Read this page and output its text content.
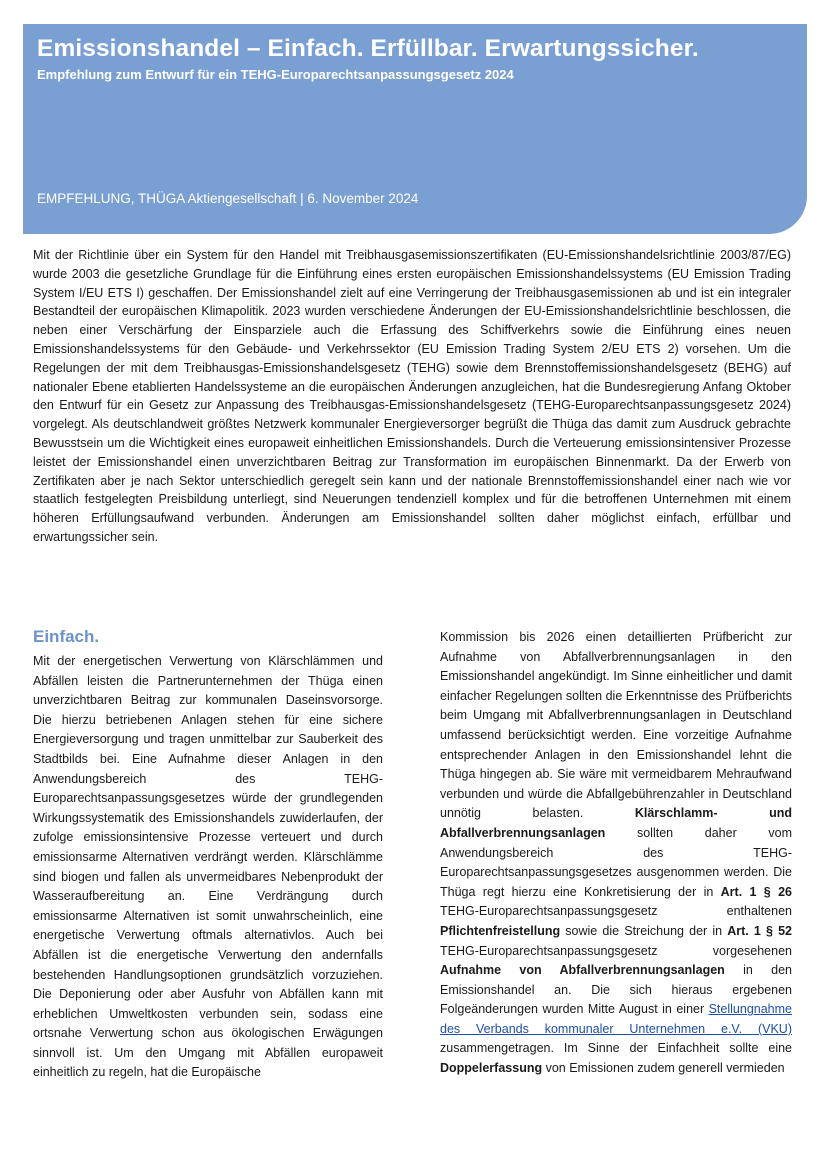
Emissionshandel – Einfach. Erfüllbar. Erwartungssicher.
Empfehlung zum Entwurf für ein TEHG-Europarechtsanpassungsgesetz 2024
EMPFEHLUNG, THÜGA Aktiengesellschaft | 6. November 2024

Mit der Richtlinie über ein System für den Handel mit Treibhausgasemissionszertifikaten (EU-Emissionshandelsrichtlinie 2003/87/EG) wurde 2003 die gesetzliche Grundlage für die Einführung eines ersten europäischen Emissionshandelssystems (EU Emission Trading System I/EU ETS I) geschaffen. Der Emissionshandel zielt auf eine Verringerung der Treibhausgasemissionen ab und ist ein integraler Bestandteil der europäischen Klimapolitik. 2023 wurden verschiedene Änderungen der EU-Emissionshandelsrichtlinie beschlossen, die neben einer Verschärfung der Einsparziele auch die Erfassung des Schiffverkehrs sowie die Einführung eines neuen Emissionshandelssystems für den Gebäude- und Verkehrssektor (EU Emission Trading System 2/EU ETS 2) vorsehen. Um die Regelungen der mit dem Treibhausgas-Emissionshandelsgesetz (TEHG) sowie dem Brennstoffemissionshandelsgesetz (BEHG) auf nationaler Ebene etablierten Handelssysteme an die europäischen Änderungen anzugleichen, hat die Bundesregierung Anfang Oktober den Entwurf für ein Gesetz zur Anpassung des Treibhausgas-Emissionshandelsgesetz (TEHG-Europarechtsanpassungsgesetz 2024) vorgelegt. Als deutschlandweit größtes Netzwerk kommunaler Energieversorger begrüßt die Thüga das damit zum Ausdruck gebrachte Bewusstsein um die Wichtigkeit eines europaweit einheitlichen Emissionshandels. Durch die Verteuerung emissionsintensiver Prozesse leistet der Emissionshandel einen unverzichtbaren Beitrag zur Transformation im europäischen Binnenmarkt. Da der Erwerb von Zertifikaten aber je nach Sektor unterschiedlich geregelt sein kann und der nationale Brennstoffemissionshandel einer nach wie vor staatlich festgelegten Preisbildung unterliegt, sind Neuerungen tendenziell komplex und für die betroffenen Unternehmen mit einem höheren Erfüllungsaufwand verbunden. Änderungen am Emissionshandel sollten daher möglichst einfach, erfüllbar und erwartungssicher sein.

Einfach.

Mit der energetischen Verwertung von Klärschlämmen und Abfällen leisten die Partnerunternehmen der Thüga einen unverzichtbaren Beitrag zur kommunalen Daseinsvorsorge. Die hierzu betriebenen Anlagen stehen für eine sichere Energieversorgung und tragen unmittelbar zur Sauberkeit des Stadtbilds bei. Eine Aufnahme dieser Anlagen in den Anwendungsbereich des TEHG-Europarechtsanpassungsgesetzes würde der grundlegenden Wirkungssystematik des Emissionshandels zuwiderlaufen, der zufolge emissionsintensive Prozesse verteuert und durch emissionsarme Alternativen verdrängt werden. Klärschlämme sind biogen und fallen als unvermeidbares Nebenprodukt der Wasseraufbereitung an. Eine Verdrängung durch emissionsarme Alternativen ist somit unwahrscheinlich, eine energetische Verwertung oftmals alternativlos. Auch bei Abfällen ist die energetische Verwertung den andernfalls bestehenden Handlungsoptionen grundsätzlich vorzuziehen. Die Deponierung oder aber Ausfuhr von Abfällen kann mit erheblichen Umweltkosten verbunden sein, sodass eine ortsnahe Verwertung schon aus ökologischen Erwägungen sinnvoll ist. Um den Umgang mit Abfällen europaweit einheitlich zu regeln, hat die Europäische

Kommission bis 2026 einen detaillierten Prüfbericht zur Aufnahme von Abfallverbrennungsanlagen in den Emissionshandel angekündigt. Im Sinne einheitlicher und damit einfacher Regelungen sollten die Erkenntnisse des Prüfberichts beim Umgang mit Abfallverbrennungsanlagen in Deutschland umfassend berücksichtigt werden. Eine vorzeitige Aufnahme entsprechender Anlagen in den Emissionshandel lehnt die Thüga hingegen ab. Sie wäre mit vermeidbarem Mehraufwand verbunden und würde die Abfallgebührenzahler in Deutschland unnötig belasten. Klärschlamm- und Abfallverbrennungsanlagen sollten daher vom Anwendungsbereich des TEHG-Europarechtsanpassungsgesetzes ausgenommen werden. Die Thüga regt hierzu eine Konkretisierung der in Art. 1 § 26 TEHG-Europarechtsanpassungsgesetz enthaltenen Pflichtenfreistellung sowie die Streichung der in Art. 1 § 52 TEHG-Europarechtsanpassungsgesetz vorgesehenen Aufnahme von Abfallverbrennungsanlagen in den Emissionshandel an. Die sich hieraus ergebenen Folgeänderungen wurden Mitte August in einer Stellungnahme des Verbands kommunaler Unternehmen e.V. (VKU) zusammengetragen. Im Sinne der Einfachheit sollte eine Doppelerfassung von Emissionen zudem generell vermieden
